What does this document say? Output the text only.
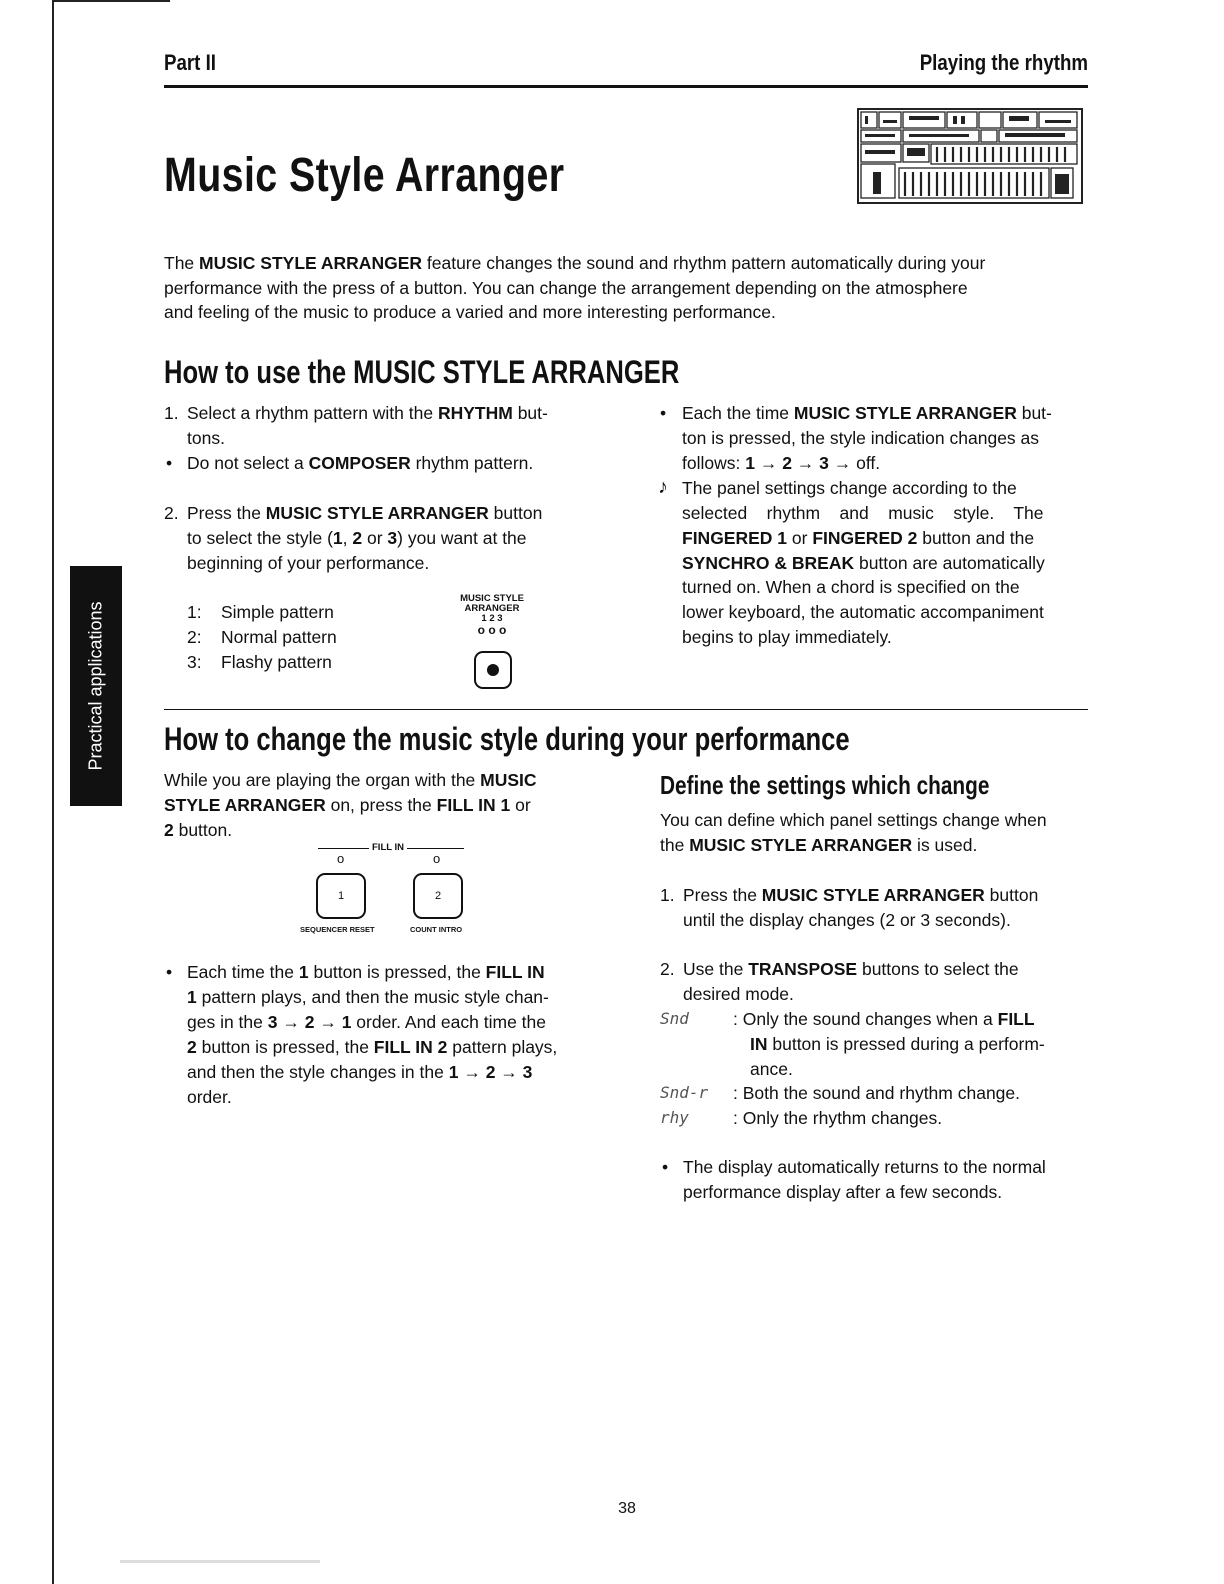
Part II	Playing the rhythm
Music Style Arranger
The MUSIC STYLE ARRANGER feature changes the sound and rhythm pattern automatically during your
performance with the press of a button. You can change the arrangement depending on the atmosphere
and feeling of the music to produce a varied and more interesting performance.
How to use the MUSIC STYLE ARRANGER
1. Select a rhythm pattern with the RHYTHM but-
tons.
• Do not select a COMPOSER rhythm pattern.
2. Press the MUSIC STYLE ARRANGER button
to select the style (1, 2 or 3) you want at the
beginning of your performance.
1: Simple pattern
2: Normal pattern
3: Flashy pattern
MUSIC STYLE
ARRANGER
1 2 3
o o o
• Each the time MUSIC STYLE ARRANGER but-
ton is pressed, the style indication changes as
follows: 1 → 2 → 3 → off.
♪ The panel settings change according to the
selected    rhythm    and    music    style.    The
FINGERED 1 or FINGERED 2 button and the
SYNCHRO & BREAK button are automatically
turned on. When a chord is specified on the
lower keyboard, the automatic accompaniment
begins to play immediately.
Practical applications How to change the music style during your performance
While you are playing the organ with the MUSIC
STYLE ARRANGER on, press the FILL IN 1 or
2 button.
FILL IN
o	o
1	2
SEQUENCER RESET	COUNT INTRO
• Each time the 1 button is pressed, the FILL IN
1 pattern plays, and then the music style chan-
ges in the 3 → 2 → 1 order. And each time the
2 button is pressed, the FILL IN 2 pattern plays,
and then the style changes in the 1 → 2 → 3
order.
Define the settings which change
You can define which panel settings change when
the MUSIC STYLE ARRANGER is used.
1. Press the MUSIC STYLE ARRANGER button
until the display changes (2 or 3 seconds).
2. Use the TRANSPOSE buttons to select the
desired mode.
Snd	: Only the sound changes when a FILL
IN button is pressed during a perform-
ance.
Snd-r : Both the sound and rhythm change.
rhy	: Only the rhythm changes.
• The display automatically returns to the normal
performance display after a few seconds.
38
